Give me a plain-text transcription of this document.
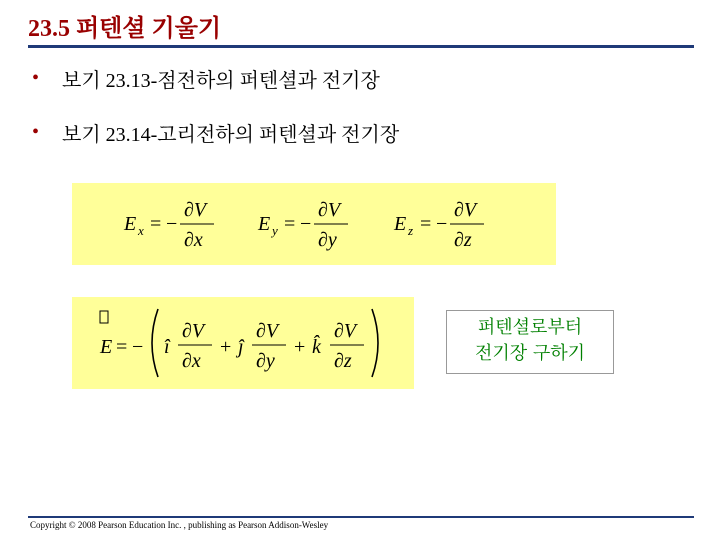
23.5 퍼텐셜 기울기
•	보기 23.13-점전하의 퍼텐셜과 전기장
•	보기 23.14-고리전하의 퍼텐셜과 전기장
E x = −
∂V
∂x
E y = −
∂V
∂y
E z = −
∂V
∂z
E = − î
∂V
∂x
+ ĵ
∂V
∂y
+ k̂
∂V
∂z
퍼텐셜로부터
전기장 구하기
Copyright © 2008 Pearson Education Inc. , publishing as Pearson Addison-Wesley
